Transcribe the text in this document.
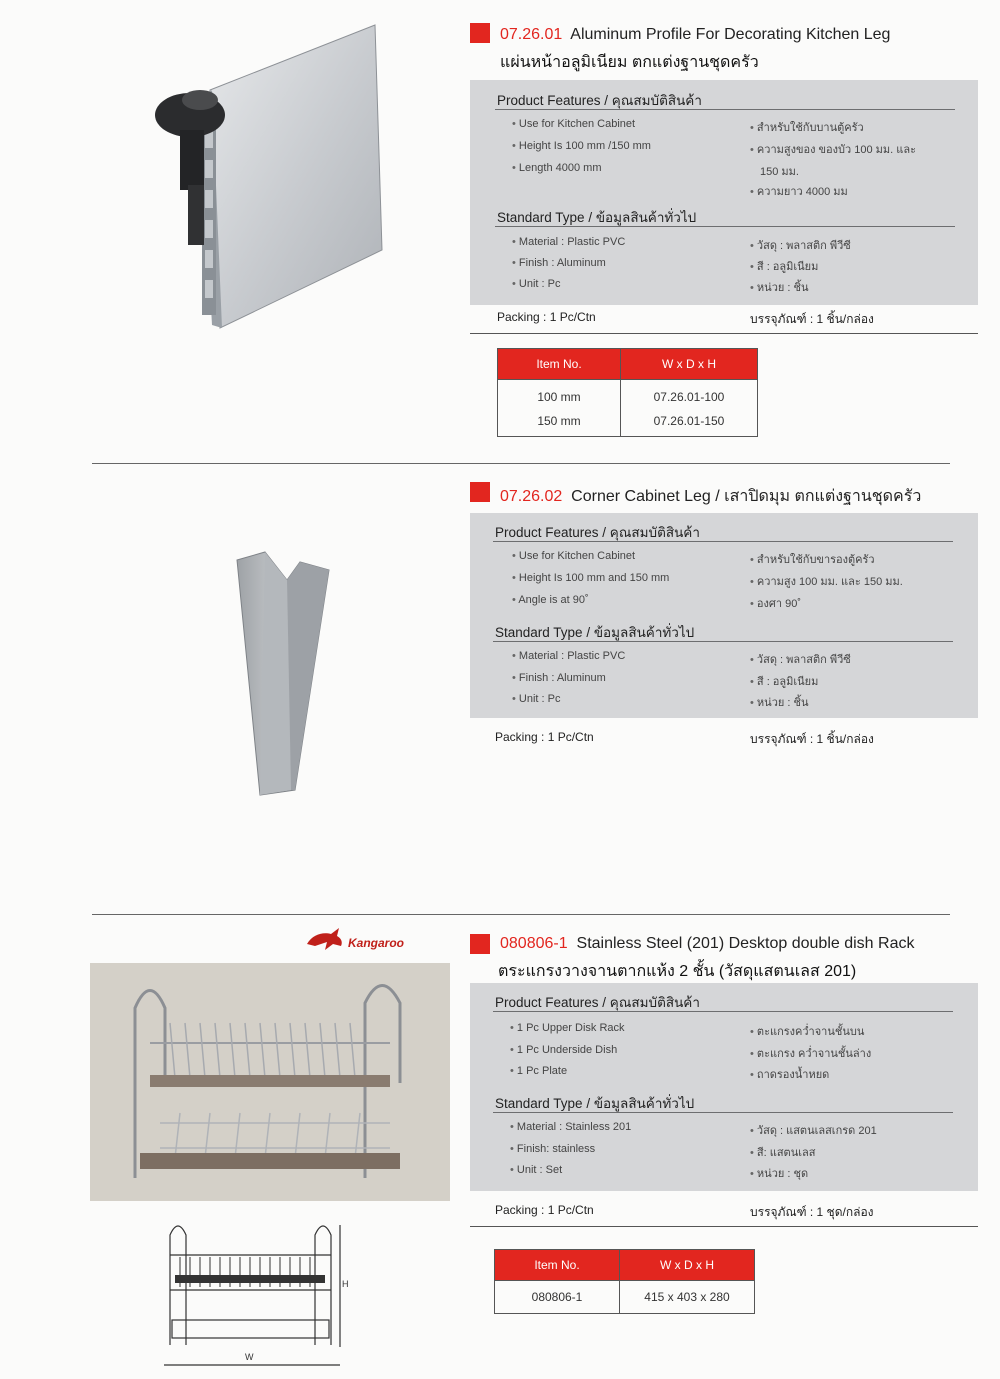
07.26.01 Aluminum Profile For Decorating Kitchen Leg
แผ่นหน้าอลูมิเนียม ตกแต่งฐานชุดครัว
Product Features / คุณสมบัติสินค้า
• Use for Kitchen Cabinet
• Height Is 100 mm /150 mm
• Length 4000 mm
• สำหรับใช้กับบานตู้ครัว
• ความสูงของ ของบัว 100 มม. และ
150 มม.
• ความยาว 4000 มม
Standard Type / ข้อมูลสินค้าทั่วไป
• Material : Plastic PVC
• Finish : Aluminum
• Unit : Pc
• วัสดุ : พลาสติก พีวีซี
• สี : อลูมิเนียม
• หน่วย : ชิ้น
Packing : 1 Pc/Ctn	บรรจุภัณฑ์ : 1 ชิ้น/กล่อง
Item No.	W x D x H
100 mm	07.26.01-100
150 mm	07.26.01-150
07.26.02 Corner Cabinet Leg / เสาปิดมุม ตกแต่งฐานชุดครัว
Product Features / คุณสมบัติสินค้า
• Use for Kitchen Cabinet
• Height Is 100 mm and 150 mm
• Angle is at 90˚
• สำหรับใช้กับขารองตู้ครัว
• ความสูง 100 มม. และ 150 มม.
• องศา 90˚
Standard Type / ข้อมูลสินค้าทั่วไป
• Material : Plastic PVC
• Finish : Aluminum
• Unit : Pc
• วัสดุ : พลาสติก พีวีซี
• สี : อลูมิเนียม
• หน่วย : ชิ้น
Packing : 1 Pc/Ctn	บรรจุภัณฑ์ : 1 ชิ้น/กล่อง
Kangaroo
H
W
080806-1 Stainless Steel (201) Desktop double dish Rack
ตระแกรงวางจานตากแห้ง 2 ชั้น (วัสดุแสตนเลส 201)
Product Features / คุณสมบัติสินค้า
• 1 Pc Upper Disk Rack
• 1 Pc Underside Dish
• 1 Pc Plate
• ตะแกรงคว่ำจานชั้นบน
• ตะแกรง คว่ำจานชั้นล่าง
• ถาดรองน้ำหยด
Standard Type / ข้อมูลสินค้าทั่วไป
• Material : Stainless 201
• Finish: stainless
• Unit : Set
• วัสดุ : แสตนเลสเกรด 201
• สี: แสตนเลส
• หน่วย : ชุด
Packing : 1 Pc/Ctn	บรรจุภัณฑ์ : 1 ชุด/กล่อง
Item No.	W x D x H
080806-1	415 x 403 x 280
